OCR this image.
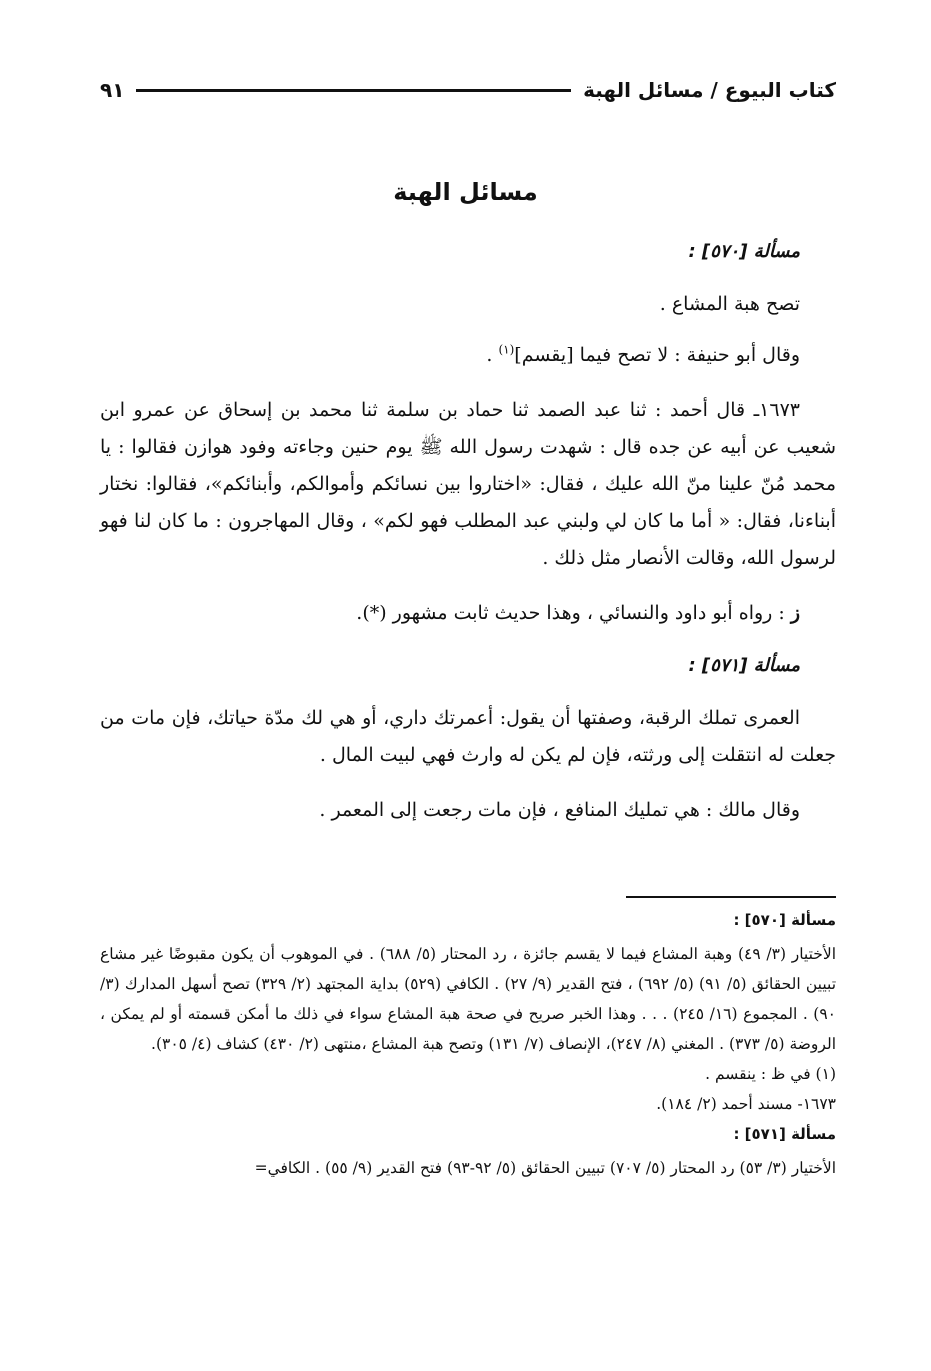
كتاب البيوع / مسائل الهبة
٩١
مسائل الهبة

مسألة [٥٧٠] :

تصح هبة المشاع .

وقال أبو حنيفة : لا تصح فيما [يقسم]$^{(١)}$ .

١٦٧٣ـ قال أحمد : ثنا عبد الصمد ثنا حماد بن سلمة ثنا محمد بن إسحاق عن عمرو ابن شعيب عن أبيه عن جده قال : شهدت رسول الله ﷺ يوم حنين وجاءته وفود هوازن فقالوا : يا محمد مُنّ علينا منّ الله عليك ، فقال: «اختاروا بين نسائكم وأموالكم، وأبنائكم»، فقالوا: نختار أبناءنا، فقال: « أما ما كان لي ولبني عبد المطلب فهو لكم» ، وقال المهاجرون : ما كان لنا فهو لرسول الله، وقالت الأنصار مثل ذلك .

ز : رواه أبو داود والنسائي ، وهذا حديث ثابت مشهور (*).

مسألة [٥٧١] :

العمرى تملك الرقبة، وصفتها أن يقول: أعمرتك داري، أو هي لك مدّة حياتك، فإن مات من جعلت له انتقلت إلى ورثته، فإن لم يكن له وارث فهي لبيت المال .

وقال مالك : هي تمليك المنافع ، فإن مات رجعت إلى المعمر .

مسألة [٥٧٠] :

الأختيار (٣/ ٤٩) وهبة المشاع فيما لا يقسم جائزة ، رد المحتار (٥/ ٦٨٨) . في الموهوب أن يكون مقبوضًا غير مشاع تبيين الحقائق (٥/ ٩١) (٥/ ٦٩٢) ، فتح القدير (٩/ ٢٧) . الكافي (٥٢٩) بداية المجتهد (٢/ ٣٢٩) تصح أسهل المدارك (٣/ ٩٠) . المجموع (١٦/ ٢٤٥) . . . وهذا الخبر صريح في صحة هبة المشاع سواء في ذلك ما أمكن قسمته أو لم يمكن ، الروضة (٥/ ٣٧٣) . المغني (٨/ ٢٤٧)، الإنصاف (٧/ ١٣١) وتصح هبة المشاع ،منتهى (٢/ ٤٣٠) كشاف (٤/ ٣٠٥).

(١) في ظ : ينقسم .

١٦٧٣- مسند أحمد (٢/ ١٨٤).

مسألة [٥٧١] :

الأختيار (٣/ ٥٣) رد المحتار (٥/ ٧٠٧) تبيين الحقائق (٥/ ٩٢-٩٣) فتح القدير (٩/ ٥٥) . الكافي=
